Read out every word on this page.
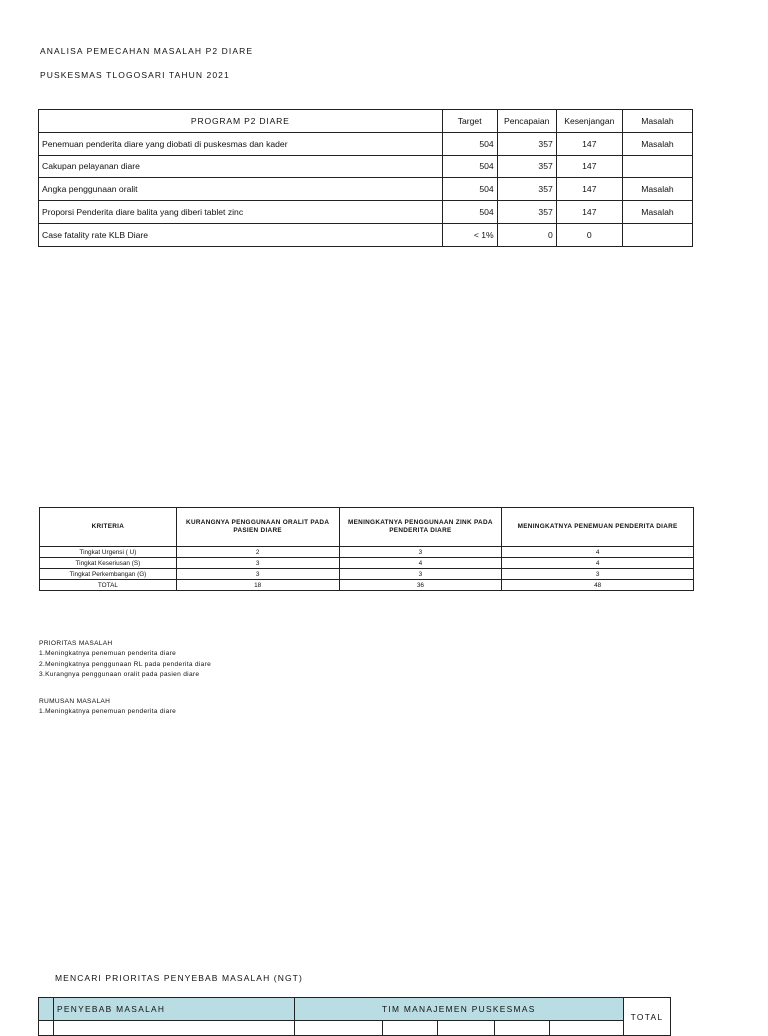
ANALISA PEMECAHAN MASALAH P2 DIARE
PUSKESMAS TLOGOSARI TAHUN 2021
PROGRAM P2 DIARE	Target	Pencapaian	Kesenjangan	Masalah
Penemuan penderita diare yang diobati di puskesmas dan kader	504	357	147	Masalah
Cakupan pelayanan diare	504	357	147	
Angka penggunaan oralit	504	357	147	Masalah
Proporsi Penderita diare balita yang diberi tablet zinc	504	357	147	Masalah
Case fatality rate KLB Diare	< 1%	0	0	
KRITERIA	KURANGNYA PENGGUNAAN ORALIT PADA PASIEN DIARE	MENINGKATNYA PENGGUNAAN ZINK PADA PENDERITA DIARE	MENINGKATNYA PENEMUAN PENDERITA DIARE
Tingkat Urgensi ( U)	2	3	4
Tingkat Keseriusan (S)	3	4	4
Tingkat Perkembangan (G)	3	3	3
TOTAL	18	36	48
PRIORITAS MASALAH
1.Meningkatnya penemuan penderita diare
2.Meningkatnya penggunaan RL pada penderita diare
3.Kurangnya penggunaan oralit pada pasien diare
RUMUSAN MASALAH
1.Meningkatnya penemuan penderita diare
MENCARI PRIORITAS PENYEBAB MASALAH (NGT)
	PENYEBAB MASALAH	TIM MANAJEMEN PUSKESMAS					TOTAL
